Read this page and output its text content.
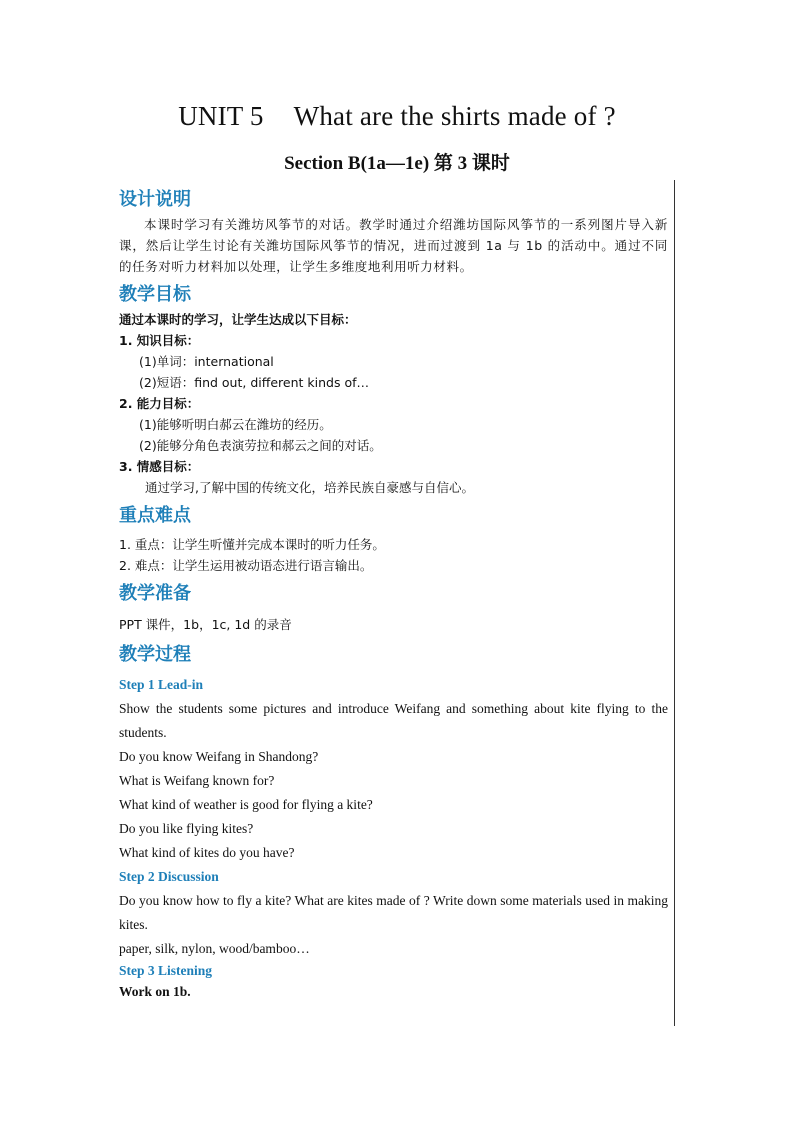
UNIT 5 What are the shirts made of ?
Section B(1a—1e) 第 3 课时

设计说明

本课时学习有关潍坊风筝节的对话。教学时通过介绍潍坊国际风筝节的一系列图片导入新课，然后让学生讨论有关潍坊国际风筝节的情况，进而过渡到 1a 与 1b 的活动中。通过不同的任务对听力材料加以处理，让学生多维度地利用听力材料。

教学目标

通过本课时的学习，让学生达成以下目标：

1. 知识目标：

(1)单词：international

(2)短语：find out, different kinds of…

2. 能力目标：

(1)能够听明白郝云在潍坊的经历。

(2)能够分角色表演劳拉和郝云之间的对话。

3. 情感目标：

通过学习,了解中国的传统文化，培养民族自豪感与自信心。

重点难点

1. 重点：让学生听懂并完成本课时的听力任务。

2. 难点：让学生运用被动语态进行语言输出。

教学准备

PPT 课件，1b，1c, 1d 的录音

教学过程

Step 1 Lead-in

Show the students some pictures and introduce Weifang and something about kite flying to the students.

Do you know Weifang in Shandong?

What is Weifang known for?

What kind of weather is good for flying a kite?

Do you like flying kites?

What kind of kites do you have?

Step 2 Discussion

Do you know how to fly a kite? What are kites made of ? Write down some materials used in making kites.

paper, silk, nylon, wood/bamboo…

Step 3 Listening

Work on 1b.
